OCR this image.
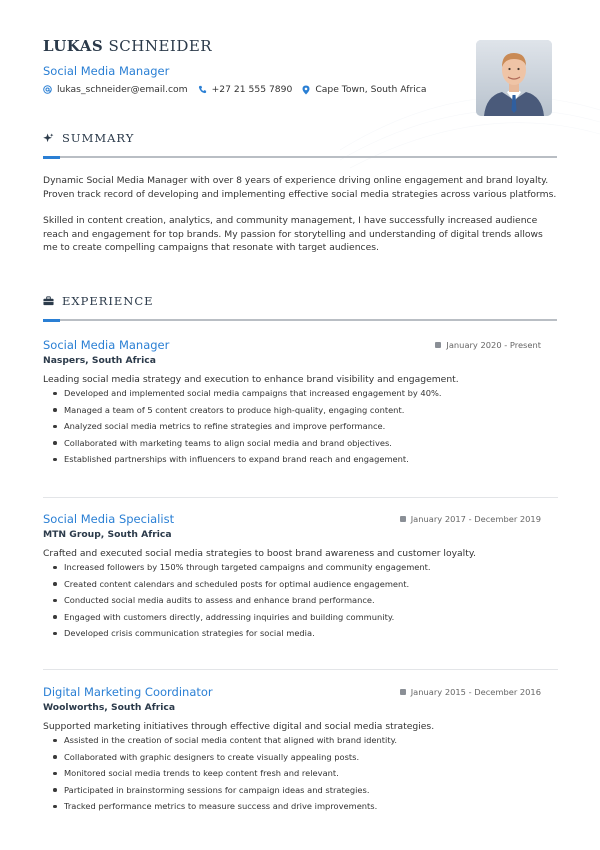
LUKAS SCHNEIDER
Social Media Manager
lukas_schneider@email.com	+27 21 555 7890	Cape Town, South Africa
SUMMARY
Dynamic Social Media Manager with over 8 years of experience driving online engagement and brand loyalty. Proven track record of developing and implementing effective social media strategies across various platforms.
Skilled in content creation, analytics, and community management, I have successfully increased audience reach and engagement for top brands. My passion for storytelling and understanding of digital trends allows me to create compelling campaigns that resonate with target audiences.
EXPERIENCE
Social Media Manager	January 2020 - Present
Naspers, South Africa
Leading social media strategy and execution to enhance brand visibility and engagement.
Developed and implemented social media campaigns that increased engagement by 40%.
Managed a team of 5 content creators to produce high-quality, engaging content.
Analyzed social media metrics to refine strategies and improve performance.
Collaborated with marketing teams to align social media and brand objectives.
Established partnerships with influencers to expand brand reach and engagement.
Social Media Specialist	January 2017 - December 2019
MTN Group, South Africa
Crafted and executed social media strategies to boost brand awareness and customer loyalty.
Increased followers by 150% through targeted campaigns and community engagement.
Created content calendars and scheduled posts for optimal audience engagement.
Conducted social media audits to assess and enhance brand performance.
Engaged with customers directly, addressing inquiries and building community.
Developed crisis communication strategies for social media.
Digital Marketing Coordinator	January 2015 - December 2016
Woolworths, South Africa
Supported marketing initiatives through effective digital and social media strategies.
Assisted in the creation of social media content that aligned with brand identity.
Collaborated with graphic designers to create visually appealing posts.
Monitored social media trends to keep content fresh and relevant.
Participated in brainstorming sessions for campaign ideas and strategies.
Tracked performance metrics to measure success and drive improvements.
